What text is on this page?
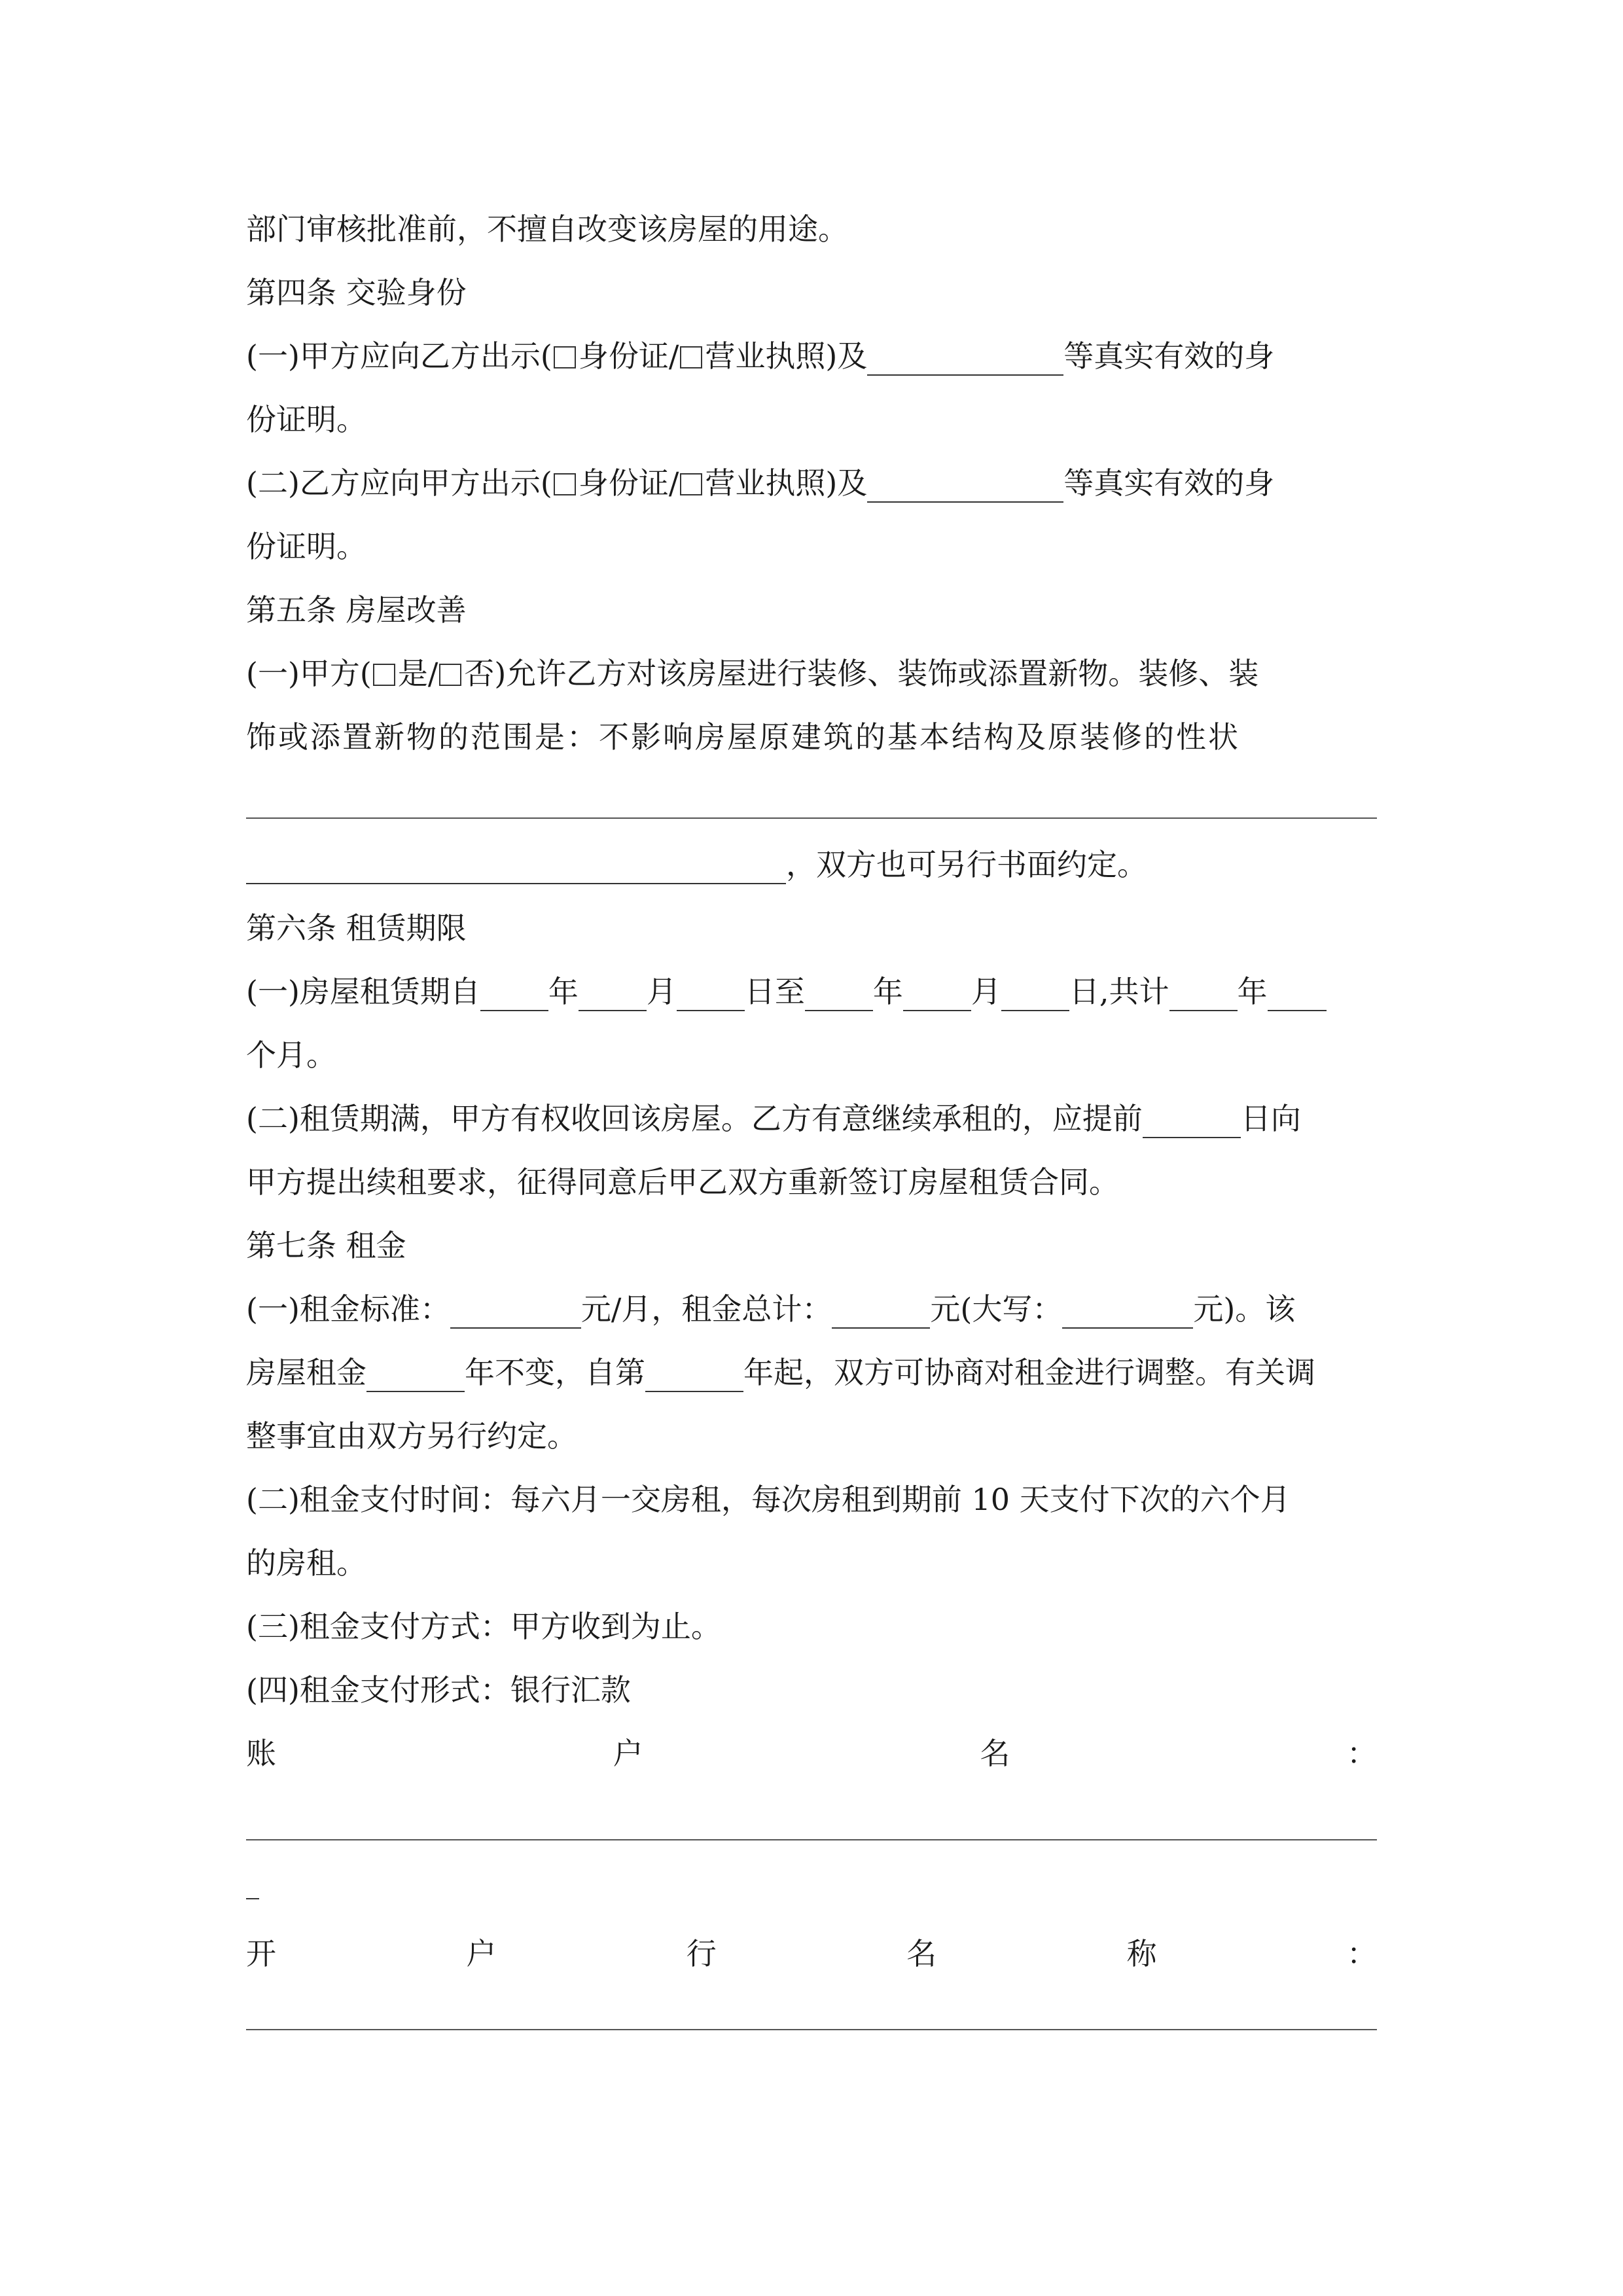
部门审核批准前，不擅自改变该房屋的用途。
第四条 交验身份
(一)甲方应向乙方出示( 身份证/ 营业执照)及	等真实有效的身
份证明。
(二)乙方应向甲方出示( 身份证/ 营业执照)及	等真实有效的身
份证明。
第五条 房屋改善
(一)甲方( 是/ 否)允许乙方对该房屋进行装修、装饰或添置新物。装修、装
饰或添置新物的范围是：不影响房屋原建筑的基本结构及原装修的性状
，双方也可另行书面约定。
第六条 租赁期限
(一)房屋租赁期自 年 月 日至 年 月 日,共计 年
个月。
(二)租赁期满，甲方有权收回该房屋。乙方有意继续承租的，应提前	日向
甲方提出续租要求，征得同意后甲乙双方重新签订房屋租赁合同。
第七条 租金
(一)租金标准：	元/月，租金总计：	元(大写：	元)。该
房屋租金	年不变，自第	年起，双方可协商对租金进行调整。有关调
整事宜由双方另行约定。
(二)租金支付时间：每六月一交房租，每次房租到期前 10 天支付下次的六个月
的房租。
(三)租金支付方式：甲方收到为止。
(四)租金支付形式：银行汇款
账	户	名	：
开	户	行	名	称	：
